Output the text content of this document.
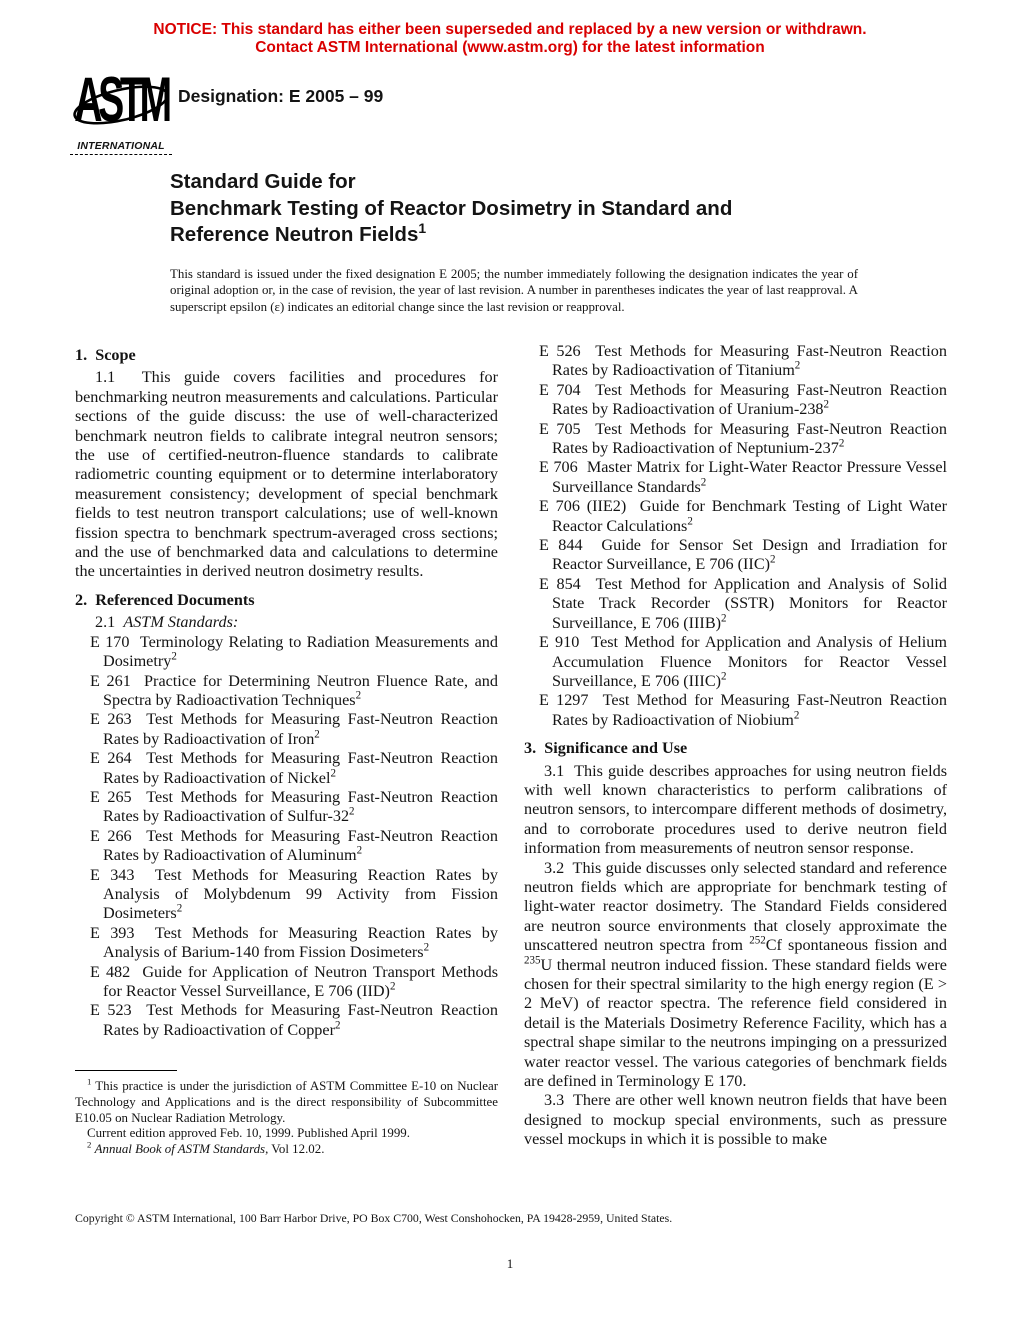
NOTICE: This standard has either been superseded and replaced by a new version or withdrawn.
Contact ASTM International (www.astm.org) for the latest information
ASTM
INTERNATIONAL
Designation: E 2005 – 99
Standard Guide for
Benchmark Testing of Reactor Dosimetry in Standard and
Reference Neutron Fields$^1$
This standard is issued under the fixed designation E 2005; the number immediately following the designation indicates the year of original adoption or, in the case of revision, the year of last revision. A number in parentheses indicates the year of last reapproval. A superscript epsilon (ε) indicates an editorial change since the last revision or reapproval.

1.  Scope

1.1  This guide covers facilities and procedures for benchmarking neutron measurements and calculations. Particular sections of the guide discuss: the use of well-characterized benchmark neutron fields to calibrate integral neutron sensors; the use of certified-neutron-fluence standards to calibrate radiometric counting equipment or to determine interlaboratory measurement consistency; development of special benchmark fields to test neutron transport calculations; use of well-known fission spectra to benchmark spectrum-averaged cross sections; and the use of benchmarked data and calculations to determine the uncertainties in derived neutron dosimetry results.

2.  Referenced Documents

2.1  ASTM Standards:

E 170  Terminology Relating to Radiation Measurements and Dosimetry$^2$

E 261  Practice for Determining Neutron Fluence Rate, and Spectra by Radioactivation Techniques$^2$

E 263  Test Methods for Measuring Fast-Neutron Reaction Rates by Radioactivation of Iron$^2$

E 264  Test Methods for Measuring Fast-Neutron Reaction Rates by Radioactivation of Nickel$^2$

E 265  Test Methods for Measuring Fast-Neutron Reaction Rates by Radioactivation of Sulfur-$32^2$

E 266  Test Methods for Measuring Fast-Neutron Reaction Rates by Radioactivation of Aluminum$^2$

E 343  Test Methods for Measuring Reaction Rates by Analysis of Molybdenum 99 Activity from Fission Dosimeters$^2$

E 393  Test Methods for Measuring Reaction Rates by Analysis of Barium-140 from Fission Dosimeters$^2$

E 482  Guide for Application of Neutron Transport Methods for Reactor Vessel Surveillance, E 706 (IID)$^2$

E 523  Test Methods for Measuring Fast-Neutron Reaction Rates by Radioactivation of Copper$^2$

E 526  Test Methods for Measuring Fast-Neutron Reaction Rates by Radioactivation of Titanium$^2$

E 704  Test Methods for Measuring Fast-Neutron Reaction Rates by Radioactivation of Uranium-$238^2$

E 705  Test Methods for Measuring Fast-Neutron Reaction Rates by Radioactivation of Neptunium-$237^2$

E 706  Master Matrix for Light-Water Reactor Pressure Vessel Surveillance Standards$^2$

E 706 (IIE2)  Guide for Benchmark Testing of Light Water Reactor Calculations$^2$

E 844  Guide for Sensor Set Design and Irradiation for Reactor Surveillance, E 706 (IIC)$^2$

E 854  Test Method for Application and Analysis of Solid State Track Recorder (SSTR) Monitors for Reactor Surveillance, E 706 (IIIB)$^2$

E 910  Test Method for Application and Analysis of Helium Accumulation Fluence Monitors for Reactor Vessel Surveillance, E 706 (IIIC)$^2$

E 1297  Test Method for Measuring Fast-Neutron Reaction Rates by Radioactivation of Niobium$^2$

3.  Significance and Use

3.1  This guide describes approaches for using neutron fields with well known characteristics to perform calibrations of neutron sensors, to intercompare different methods of dosimetry, and to corroborate procedures used to derive neutron field information from measurements of neutron sensor response.

3.2  This guide discusses only selected standard and reference neutron fields which are appropriate for benchmark testing of light-water reactor dosimetry. The Standard Fields considered are neutron source environments that closely approximate the unscattered neutron spectra from $^{252}$Cf spontaneous fission and $^{235}$U thermal neutron induced fission. These standard fields were chosen for their spectral similarity to the high energy region (E > 2 MeV) of reactor spectra. The reference field considered in detail is the Materials Dosimetry Reference Facility, which has a spectral shape similar to the neutrons impinging on a pressurized water reactor vessel. The various categories of benchmark fields are defined in Terminology E 170.

3.3  There are other well known neutron fields that have been designed to mockup special environments, such as pressure vessel mockups in which it is possible to make

$^1$ This practice is under the jurisdiction of ASTM Committee E-10 on Nuclear Technology and Applications and is the direct responsibility of Subcommittee E10.05 on Nuclear Radiation Metrology.

Current edition approved Feb. 10, 1999. Published April 1999.

$^2$ Annual Book of ASTM Standards, Vol 12.02.

Copyright © ASTM International, 100 Barr Harbor Drive, PO Box C700, West Conshohocken, PA 19428-2959, United States.
1
